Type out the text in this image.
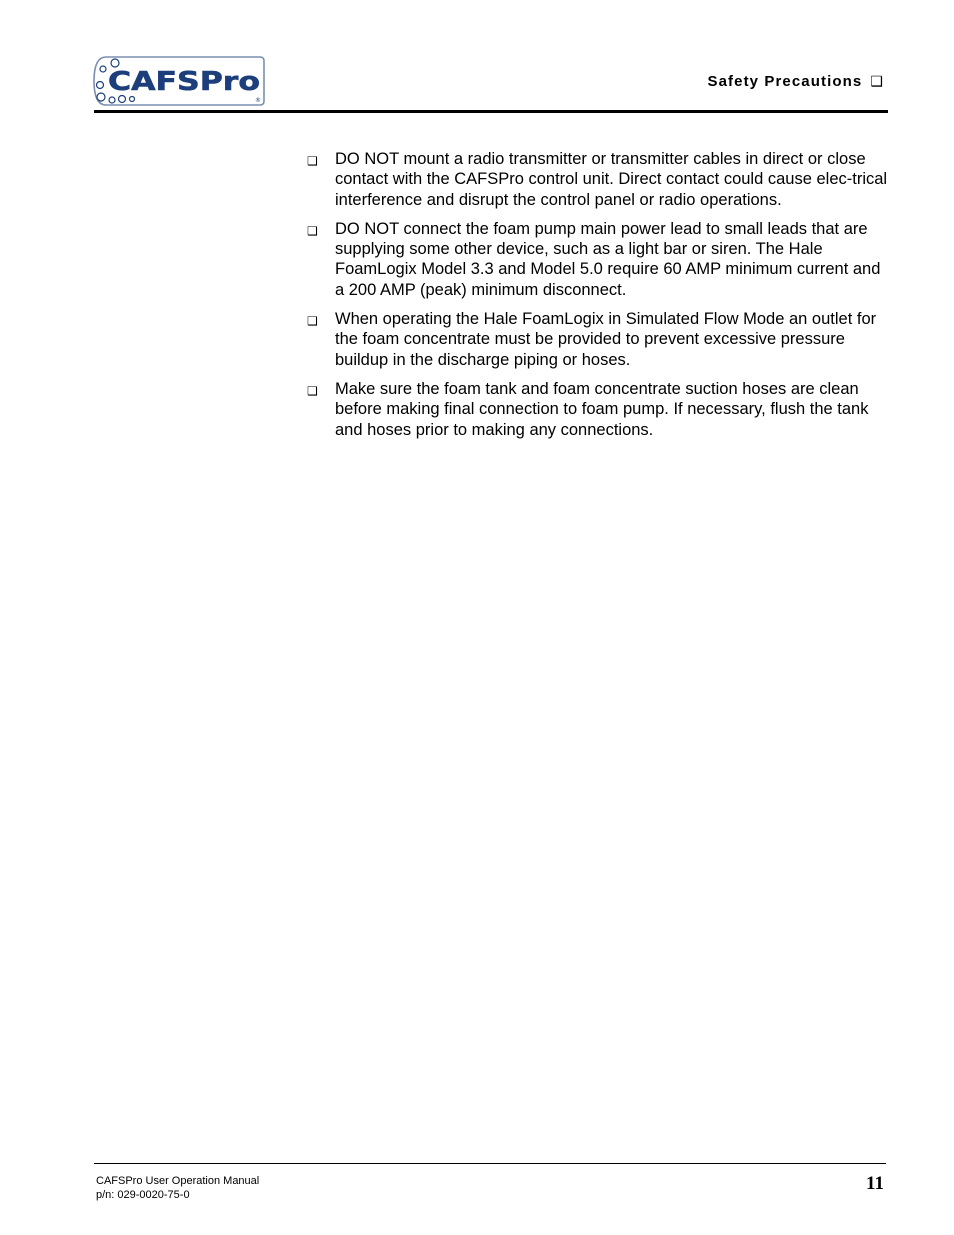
CAFSPro
®
Safety Precautions ❑
❑	DO NOT mount a radio transmitter or transmitter cables in direct or close contact with the CAFSPro control unit. Direct contact could cause elec-trical interference and disrupt the control panel or radio operations.
❑	DO NOT connect the foam pump main power lead to small leads that are supplying some other device, such as a light bar or siren. The Hale FoamLogix Model 3.3 and Model 5.0 require 60 AMP minimum current and a 200 AMP (peak) minimum disconnect.
❑	When operating the Hale FoamLogix in Simulated Flow Mode an outlet for the foam concentrate must be provided to prevent excessive pressure buildup in the discharge piping or hoses.
❑	Make sure the foam tank and foam concentrate suction hoses are clean before making final connection to foam pump. If necessary, flush the tank and hoses prior to making any connections.
CAFSPro User Operation Manual
p/n: 029-0020-75-0
11
